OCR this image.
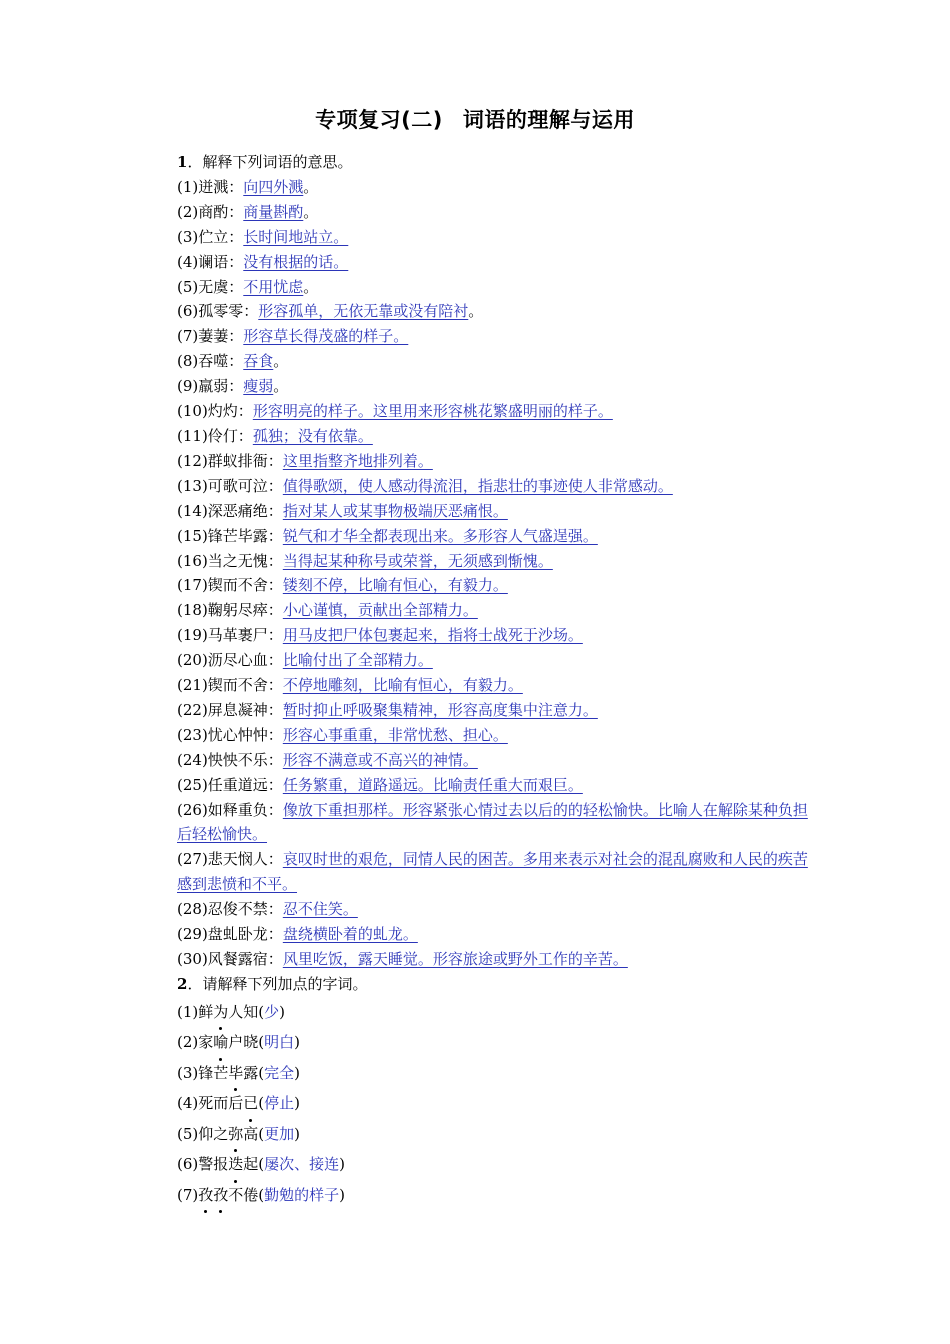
专项复习(二) 词语的理解与运用
1．解释下列词语的意思。
(1)迸溅：向四外溅。
(2)商酌：商量斟酌。
(3)伫立：长时间地站立。
(4)谰语：没有根据的话。
(5)无虞：不用忧虑。
(6)孤零零：形容孤单，无依无靠或没有陪衬。
(7)萋萋：形容草长得茂盛的样子。
(8)吞噬：吞食。
(9)羸弱：瘦弱。
(10)灼灼：形容明亮的样子。这里用来形容桃花繁盛明丽的样子。
(11)伶仃：孤独；没有依靠。
(12)群蚁排衙：这里指整齐地排列着。
(13)可歌可泣：值得歌颂，使人感动得流泪，指悲壮的事迹使人非常感动。
(14)深恶痛绝：指对某人或某事物极端厌恶痛恨。
(15)锋芒毕露：锐气和才华全都表现出来。多形容人气盛逞强。
(16)当之无愧：当得起某种称号或荣誉，无须感到惭愧。
(17)锲而不舍：镂刻不停，比喻有恒心，有毅力。
(18)鞠躬尽瘁：小心谨慎，贡献出全部精力。
(19)马革裹尸：用马皮把尸体包裹起来，指将士战死于沙场。
(20)沥尽心血：比喻付出了全部精力。
(21)锲而不舍：不停地雕刻，比喻有恒心，有毅力。
(22)屏息凝神：暂时抑止呼吸聚集精神，形容高度集中注意力。
(23)忧心忡忡：形容心事重重，非常忧愁、担心。
(24)怏怏不乐：形容不满意或不高兴的神情。
(25)任重道远：任务繁重，道路遥远。比喻责任重大而艰巨。
(26)如释重负：像放下重担那样。形容紧张心情过去以后的的轻松愉快。比喻人在解除某种负担后轻松愉快。
(27)悲天悯人：哀叹时世的艰危，同情人民的困苦。多用来表示对社会的混乱腐败和人民的疾苦感到悲愤和不平。
(28)忍俊不禁：忍不住笑。
(29)盘虬卧龙：盘绕横卧着的虬龙。
(30)风餐露宿：风里吃饭，露天睡觉。形容旅途或野外工作的辛苦。
2．请解释下列加点的字词。
(1)鲜为人知(少)
(2)家喻户晓(明白)
(3)锋芒毕露(完全)
(4)死而后已(停止)
(5)仰之弥高(更加)
(6)警报迭起(屡次、接连)
(7)孜孜不倦(勤勉的样子)
